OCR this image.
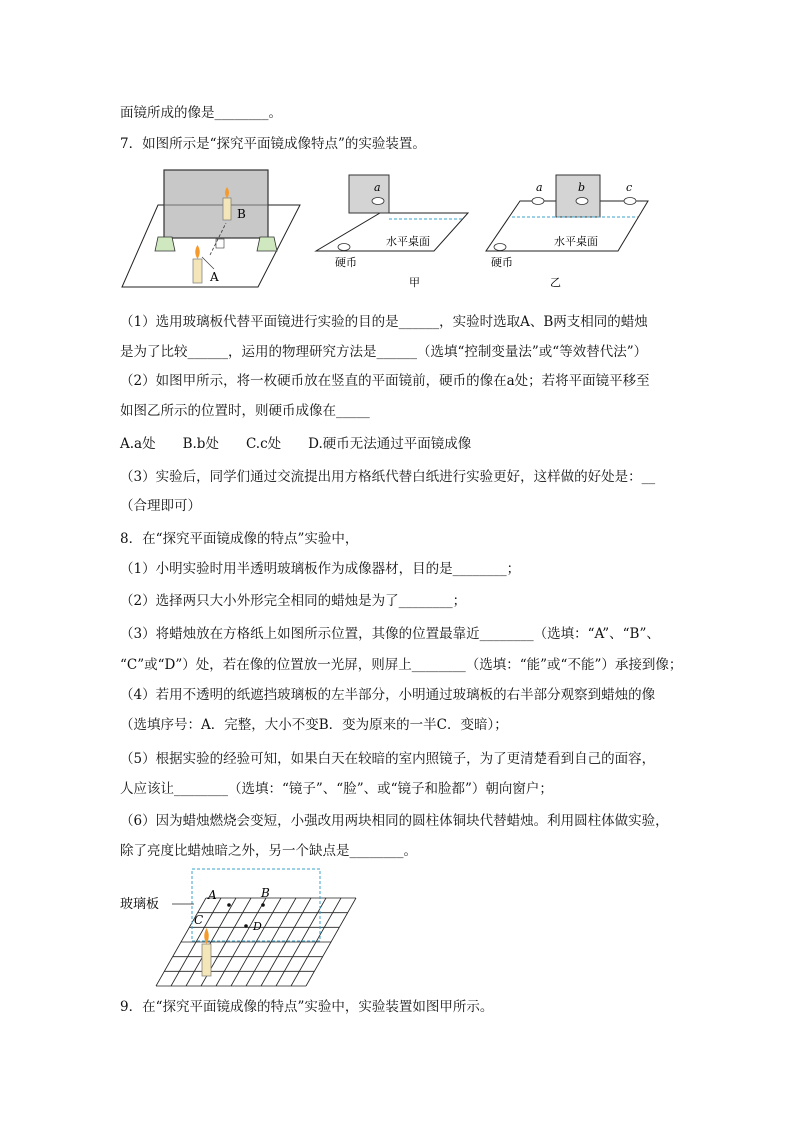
面镜所成的像是________。
7．如图所示是“探究平面镜成像特点”的实验装置。
B
A
a
水平桌面
硬币
甲
a	b	c
水平桌面
硬币
乙
（1）选用玻璃板代替平面镜进行实验的目的是______，实验时选取A、B两支相同的蜡烛
是为了比较______，运用的物理研究方法是______（选填“控制变量法”或“等效替代法”）
（2）如图甲所示，将一枚硬币放在竖直的平面镜前，硬币的像在a处；若将平面镜平移至
如图乙所示的位置时，则硬币成像在_____
A.a处　　B.b处　　C.c处　　D.硬币无法通过平面镜成像
（3）实验后，同学们通过交流提出用方格纸代替白纸进行实验更好，这样做的好处是：__
（合理即可）
8．在“探究平面镜成像的特点”实验中，
（1）小明实验时用半透明玻璃板作为成像器材，目的是________；
（2）选择两只大小外形完全相同的蜡烛是为了________；
（3）将蜡烛放在方格纸上如图所示位置，其像的位置最靠近________（选填：“A”、“B”、
“C”或“D”）处，若在像的位置放一光屏，则屏上________（选填：“能”或“不能”）承接到像；
（4）若用不透明的纸遮挡玻璃板的左半部分，小明通过玻璃板的右半部分观察到蜡烛的像
（选填序号：A．完整，大小不变B．变为原来的一半C．变暗）；
（5）根据实验的经验可知，如果白天在较暗的室内照镜子，为了更清楚看到自己的面容，
人应该让________（选填：“镜子”、“脸”、或“镜子和脸都”）朝向窗户；
（6）因为蜡烛燃烧会变短，小强改用两块相同的圆柱体铜块代替蜡烛。利用圆柱体做实验，
除了亮度比蜡烛暗之外，另一个缺点是________。
玻璃板
A	B
C	D
9．在“探究平面镜成像的特点”实验中，实验装置如图甲所示。
